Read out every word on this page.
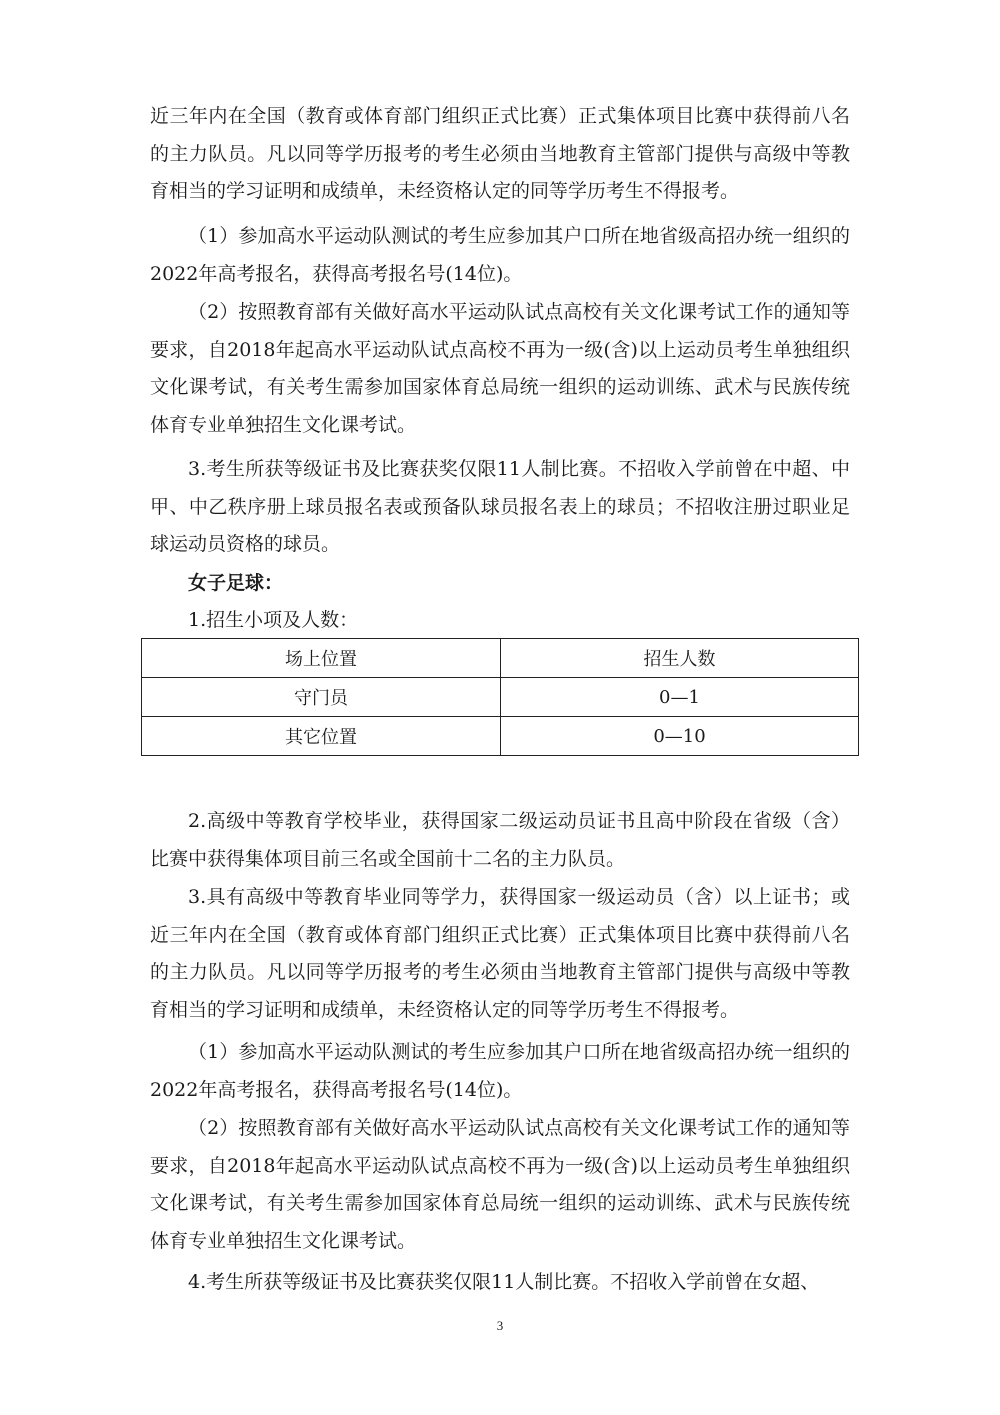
近三年内在全国（教育或体育部门组织正式比赛）正式集体项目比赛中获得前八名的主力队员。凡以同等学历报考的考生必须由当地教育主管部门提供与高级中等教育相当的学习证明和成绩单，未经资格认定的同等学历考生不得报考。

（1）参加高水平运动队测试的考生应参加其户口所在地省级高招办统一组织的2022年高考报名，获得高考报名号(14位)。

（2）按照教育部有关做好高水平运动队试点高校有关文化课考试工作的通知等要求，自2018年起高水平运动队试点高校不再为一级(含)以上运动员考生单独组织文化课考试，有关考生需参加国家体育总局统一组织的运动训练、武术与民族传统体育专业单独招生文化课考试。

3.考生所获等级证书及比赛获奖仅限11人制比赛。不招收入学前曾在中超、中甲、中乙秩序册上球员报名表或预备队球员报名表上的球员；不招收注册过职业足球运动员资格的球员。

女子足球：

1.招生小项及人数：

场上位置	招生人数
守门员	0—1
其它位置	0—10

2.高级中等教育学校毕业，获得国家二级运动员证书且高中阶段在省级（含）比赛中获得集体项目前三名或全国前十二名的主力队员。

3.具有高级中等教育毕业同等学力，获得国家一级运动员（含）以上证书；或近三年内在全国（教育或体育部门组织正式比赛）正式集体项目比赛中获得前八名的主力队员。凡以同等学历报考的考生必须由当地教育主管部门提供与高级中等教育相当的学习证明和成绩单，未经资格认定的同等学历考生不得报考。

（1）参加高水平运动队测试的考生应参加其户口所在地省级高招办统一组织的2022年高考报名，获得高考报名号(14位)。

（2）按照教育部有关做好高水平运动队试点高校有关文化课考试工作的通知等要求，自2018年起高水平运动队试点高校不再为一级(含)以上运动员考生单独组织文化课考试，有关考生需参加国家体育总局统一组织的运动训练、武术与民族传统体育专业单独招生文化课考试。

4.考生所获等级证书及比赛获奖仅限11人制比赛。不招收入学前曾在女超、

3
